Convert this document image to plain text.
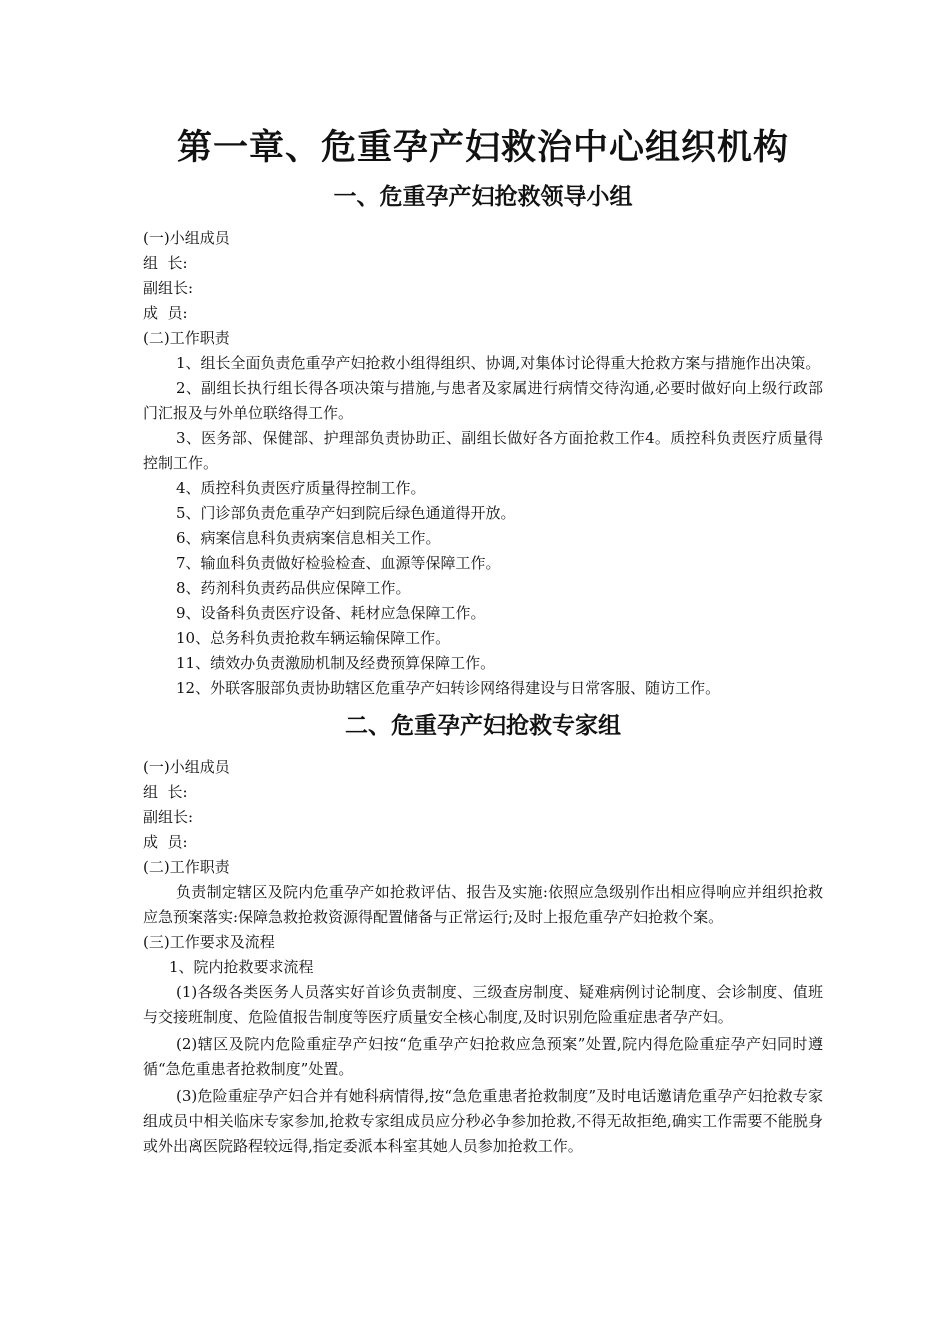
第一章、危重孕产妇救治中心组织机构
一、危重孕产妇抢救领导小组
(一)小组成员
组  长:
副组长:
成  员:
(二)工作职责
1、组长全面负责危重孕产妇抢救小组得组织、协调,对集体讨论得重大抢救方案与措施作出决策。
2、副组长执行组长得各项决策与措施,与患者及家属进行病情交待沟通,必要时做好向上级行政部门汇报及与外单位联络得工作。
3、医务部、保健部、护理部负责协助正、副组长做好各方面抢救工作4。质控科负责医疗质量得控制工作。
4、质控科负责医疗质量得控制工作。
5、门诊部负责危重孕产妇到院后绿色通道得开放。
6、病案信息科负责病案信息相关工作。
7、输血科负责做好检验检查、血源等保障工作。
8、药剂科负责药品供应保障工作。
9、设备科负责医疗设备、耗材应急保障工作。
10、总务科负责抢救车辆运输保障工作。
11、绩效办负责激励机制及经费预算保障工作。
12、外联客服部负责协助辖区危重孕产妇转诊网络得建设与日常客服、随访工作。
二、危重孕产妇抢救专家组
(一)小组成员
组  长:
副组长:
成  员:
(二)工作职责
负责制定辖区及院内危重孕产如抢救评估、报告及实施:依照应急级别作出相应得响应并组织抢救应急预案落实:保障急救抢救资源得配置储备与正常运行;及时上报危重孕产妇抢救个案。
(三)工作要求及流程
1、院内抢救要求流程
(1)各级各类医务人员落实好首诊负责制度、三级查房制度、疑难病例讨论制度、会诊制度、值班与交接班制度、危险值报告制度等医疗质量安全核心制度,及时识别危险重症患者孕产妇。
(2)辖区及院内危险重症孕产妇按“危重孕产妇抢救应急预案”处置,院内得危险重症孕产妇同时遵循“急危重患者抢救制度”处置。
(3)危险重症孕产妇合并有她科病情得,按“急危重患者抢救制度”及时电话邀请危重孕产妇抢救专家组成员中相关临床专家参加,抢救专家组成员应分秒必争参加抢救,不得无故拒绝,确实工作需要不能脱身或外出离医院路程较远得,指定委派本科室其她人员参加抢救工作。
